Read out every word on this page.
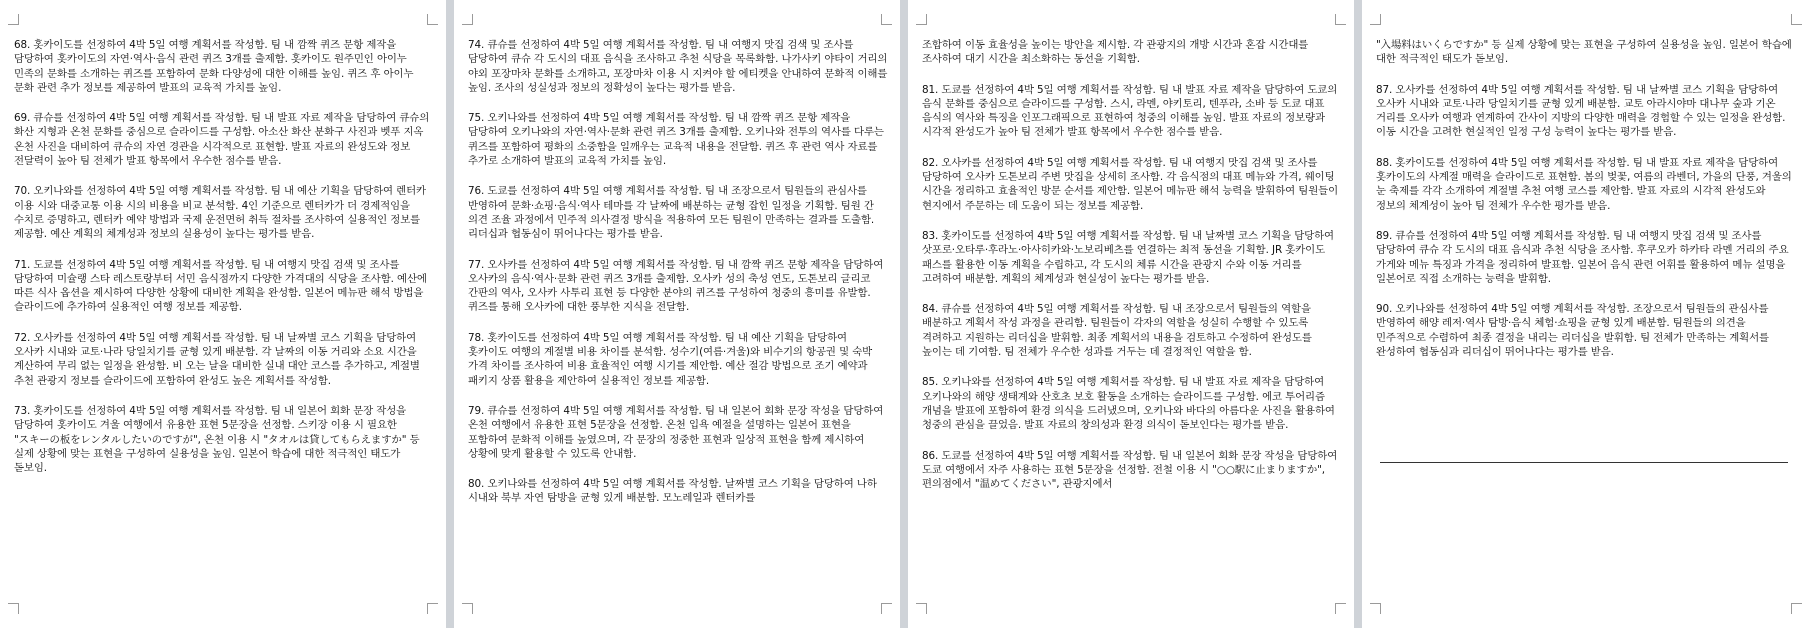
68. 홋카이도를 선정하여 4박 5일 여행 계획서를 작성함. 팀 내 깜짝 퀴즈 문항 제작을 담당하여 홋카이도의 자연·역사·음식 관련 퀴즈 3개를 출제함. 홋카이도 원주민인 아이누 민족의 문화를 소개하는 퀴즈를 포함하여 문화 다양성에 대한 이해를 높임. 퀴즈 후 아이누 문화 관련 추가 정보를 제공하여 발표의 교육적 가치를 높임.

69. 큐슈를 선정하여 4박 5일 여행 계획서를 작성함. 팀 내 발표 자료 제작을 담당하여 큐슈의 화산 지형과 온천 문화를 중심으로 슬라이드를 구성함. 아소산 화산 분화구 사진과 벳푸 지옥 온천 사진을 대비하여 큐슈의 자연 경관을 시각적으로 표현함. 발표 자료의 완성도와 정보 전달력이 높아 팀 전체가 발표 항목에서 우수한 점수를 받음.

70. 오키나와를 선정하여 4박 5일 여행 계획서를 작성함. 팀 내 예산 기획을 담당하여 렌터카 이용 시와 대중교통 이용 시의 비용을 비교 분석함. 4인 기준으로 렌터카가 더 경제적임을 수치로 증명하고, 렌터카 예약 방법과 국제 운전면허 취득 절차를 조사하여 실용적인 정보를 제공함. 예산 계획의 체계성과 정보의 실용성이 높다는 평가를 받음.

71. 도쿄를 선정하여 4박 5일 여행 계획서를 작성함. 팀 내 여행지 맛집 검색 및 조사를 담당하여 미슐랭 스타 레스토랑부터 서민 음식점까지 다양한 가격대의 식당을 조사함. 예산에 따른 식사 옵션을 제시하여 다양한 상황에 대비한 계획을 완성함. 일본어 메뉴판 해석 방법을 슬라이드에 추가하여 실용적인 여행 정보를 제공함.

72. 오사카를 선정하여 4박 5일 여행 계획서를 작성함. 팀 내 날짜별 코스 기획을 담당하여 오사카 시내와 교토·나라 당일치기를 균형 있게 배분함. 각 날짜의 이동 거리와 소요 시간을 계산하여 무리 없는 일정을 완성함. 비 오는 날을 대비한 실내 대안 코스를 추가하고, 계절별 추천 관광지 정보를 슬라이드에 포함하여 완성도 높은 계획서를 작성함.

73. 홋카이도를 선정하여 4박 5일 여행 계획서를 작성함. 팀 내 일본어 회화 문장 작성을 담당하여 홋카이도 겨울 여행에서 유용한 표현 5문장을 선정함. 스키장 이용 시 필요한 "スキーの板をレンタルしたいのですが", 온천 이용 시 "タオルは貸してもらえますか" 등 실제 상황에 맞는 표현을 구성하여 실용성을 높임. 일본어 학습에 대한 적극적인 태도가 돋보임.

74. 큐슈를 선정하여 4박 5일 여행 계획서를 작성함. 팀 내 여행지 맛집 검색 및 조사를 담당하여 큐슈 각 도시의 대표 음식을 조사하고 추천 식당을 목록화함. 나가사키 야타이 거리의 야외 포장마차 문화를 소개하고, 포장마차 이용 시 지켜야 할 에티켓을 안내하여 문화적 이해를 높임. 조사의 성실성과 정보의 정확성이 높다는 평가를 받음.

75. 오키나와를 선정하여 4박 5일 여행 계획서를 작성함. 팀 내 깜짝 퀴즈 문항 제작을 담당하여 오키나와의 자연·역사·문화 관련 퀴즈 3개를 출제함. 오키나와 전투의 역사를 다루는 퀴즈를 포함하여 평화의 소중함을 일깨우는 교육적 내용을 전달함. 퀴즈 후 관련 역사 자료를 추가로 소개하여 발표의 교육적 가치를 높임.

76. 도쿄를 선정하여 4박 5일 여행 계획서를 작성함. 팀 내 조장으로서 팀원들의 관심사를 반영하여 문화·쇼핑·음식·역사 테마를 각 날짜에 배분하는 균형 잡힌 일정을 기획함. 팀원 간 의견 조율 과정에서 민주적 의사결정 방식을 적용하여 모든 팀원이 만족하는 결과를 도출함. 리더십과 협동심이 뛰어나다는 평가를 받음.

77. 오사카를 선정하여 4박 5일 여행 계획서를 작성함. 팀 내 깜짝 퀴즈 문항 제작을 담당하여 오사카의 음식·역사·문화 관련 퀴즈 3개를 출제함. 오사카 성의 축성 연도, 도톤보리 글리코 간판의 역사, 오사카 사투리 표현 등 다양한 분야의 퀴즈를 구성하여 청중의 흥미를 유발함. 퀴즈를 통해 오사카에 대한 풍부한 지식을 전달함.

78. 홋카이도를 선정하여 4박 5일 여행 계획서를 작성함. 팀 내 예산 기획을 담당하여 홋카이도 여행의 계절별 비용 차이를 분석함. 성수기(여름·겨울)와 비수기의 항공권 및 숙박 가격 차이를 조사하여 비용 효율적인 여행 시기를 제안함. 예산 절감 방법으로 조기 예약과 패키지 상품 활용을 제안하여 실용적인 정보를 제공함.

79. 큐슈를 선정하여 4박 5일 여행 계획서를 작성함. 팀 내 일본어 회화 문장 작성을 담당하여 온천 여행에서 유용한 표현 5문장을 선정함. 온천 입욕 예절을 설명하는 일본어 표현을 포함하여 문화적 이해를 높였으며, 각 문장의 정중한 표현과 일상적 표현을 함께 제시하여 상황에 맞게 활용할 수 있도록 안내함.

80. 오키나와를 선정하여 4박 5일 여행 계획서를 작성함. 날짜별 코스 기획을 담당하여 나하 시내와 북부 자연 탐방을 균형 있게 배분함. 모노레일과 렌터카를

조합하여 이동 효율성을 높이는 방안을 제시함. 각 관광지의 개방 시간과 혼잡 시간대를 조사하여 대기 시간을 최소화하는 동선을 기획함.

81. 도쿄를 선정하여 4박 5일 여행 계획서를 작성함. 팀 내 발표 자료 제작을 담당하여 도쿄의 음식 문화를 중심으로 슬라이드를 구성함. 스시, 라멘, 야키토리, 텐푸라, 소바 등 도쿄 대표 음식의 역사와 특징을 인포그래픽으로 표현하여 청중의 이해를 높임. 발표 자료의 정보량과 시각적 완성도가 높아 팀 전체가 발표 항목에서 우수한 점수를 받음.

82. 오사카를 선정하여 4박 5일 여행 계획서를 작성함. 팀 내 여행지 맛집 검색 및 조사를 담당하여 오사카 도톤보리 주변 맛집을 상세히 조사함. 각 음식점의 대표 메뉴와 가격, 웨이팅 시간을 정리하고 효율적인 방문 순서를 제안함. 일본어 메뉴판 해석 능력을 발휘하여 팀원들이 현지에서 주문하는 데 도움이 되는 정보를 제공함.

83. 홋카이도를 선정하여 4박 5일 여행 계획서를 작성함. 팀 내 날짜별 코스 기획을 담당하여 삿포로·오타루·후라노·아사히카와·노보리베츠를 연결하는 최적 동선을 기획함. JR 홋카이도 패스를 활용한 이동 계획을 수립하고, 각 도시의 체류 시간을 관광지 수와 이동 거리를 고려하여 배분함. 계획의 체계성과 현실성이 높다는 평가를 받음.

84. 큐슈를 선정하여 4박 5일 여행 계획서를 작성함. 팀 내 조장으로서 팀원들의 역할을 배분하고 계획서 작성 과정을 관리함. 팀원들이 각자의 역할을 성실히 수행할 수 있도록 격려하고 지원하는 리더십을 발휘함. 최종 계획서의 내용을 검토하고 수정하여 완성도를 높이는 데 기여함. 팀 전체가 우수한 성과를 거두는 데 결정적인 역할을 함.

85. 오키나와를 선정하여 4박 5일 여행 계획서를 작성함. 팀 내 발표 자료 제작을 담당하여 오키나와의 해양 생태계와 산호초 보호 활동을 소개하는 슬라이드를 구성함. 에코 투어리즘 개념을 발표에 포함하여 환경 의식을 드러냈으며, 오키나와 바다의 아름다운 사진을 활용하여 청중의 관심을 끌었음. 발표 자료의 창의성과 환경 의식이 돋보인다는 평가를 받음.

86. 도쿄를 선정하여 4박 5일 여행 계획서를 작성함. 팀 내 일본어 회화 문장 작성을 담당하여 도쿄 여행에서 자주 사용하는 표현 5문장을 선정함. 전철 이용 시 "○○駅に止まりますか", 편의점에서 "温めてください", 관광지에서

"入場料はいくらですか" 등 실제 상황에 맞는 표현을 구성하여 실용성을 높임. 일본어 학습에 대한 적극적인 태도가 돋보임.

87. 오사카를 선정하여 4박 5일 여행 계획서를 작성함. 팀 내 날짜별 코스 기획을 담당하여 오사카 시내와 교토·나라 당일치기를 균형 있게 배분함. 교토 아라시야마 대나무 숲과 기온 거리를 오사카 여행과 연계하여 간사이 지방의 다양한 매력을 경험할 수 있는 일정을 완성함. 이동 시간을 고려한 현실적인 일정 구성 능력이 높다는 평가를 받음.

88. 홋카이도를 선정하여 4박 5일 여행 계획서를 작성함. 팀 내 발표 자료 제작을 담당하여 홋카이도의 사계절 매력을 슬라이드로 표현함. 봄의 벚꽃, 여름의 라벤더, 가을의 단풍, 겨울의 눈 축제를 각각 소개하여 계절별 추천 여행 코스를 제안함. 발표 자료의 시각적 완성도와 정보의 체계성이 높아 팀 전체가 우수한 평가를 받음.

89. 큐슈를 선정하여 4박 5일 여행 계획서를 작성함. 팀 내 여행지 맛집 검색 및 조사를 담당하여 큐슈 각 도시의 대표 음식과 추천 식당을 조사함. 후쿠오카 하카타 라멘 거리의 주요 가게와 메뉴 특징과 가격을 정리하여 발표함. 일본어 음식 관련 어휘를 활용하여 메뉴 설명을 일본어로 직접 소개하는 능력을 발휘함.

90. 오키나와를 선정하여 4박 5일 여행 계획서를 작성함. 조장으로서 팀원들의 관심사를 반영하여 해양 레저·역사 탐방·음식 체험·쇼핑을 균형 있게 배분함. 팀원들의 의견을 민주적으로 수렴하여 최종 결정을 내리는 리더십을 발휘함. 팀 전체가 만족하는 계획서를 완성하여 협동심과 리더십이 뛰어나다는 평가를 받음.
